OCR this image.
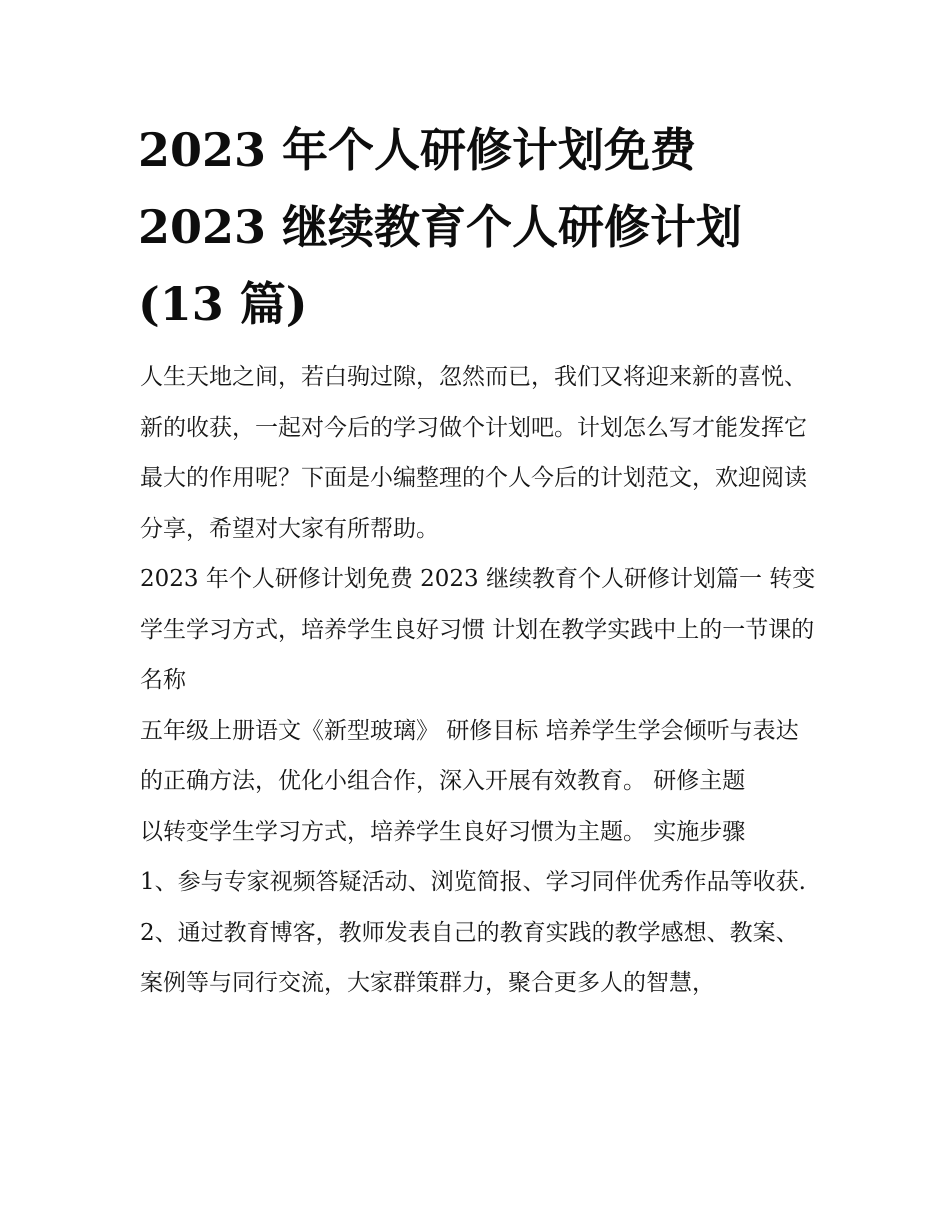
2023 年个人研修计划免费
2023 继续教育个人研修计划
(13 篇)

人生天地之间，若白驹过隙，忽然而已，我们又将迎来新的喜悦、新的收获，一起对今后的学习做个计划吧。计划怎么写才能发挥它最大的作用呢？下面是小编整理的个人今后的计划范文，欢迎阅读分享，希望对大家有所帮助。

2023 年个人研修计划免费 2023 继续教育个人研修计划篇一 转变学生学习方式，培养学生良好习惯 计划在教学实践中上的一节课的名称

五年级上册语文《新型玻璃》 研修目标 培养学生学会倾听与表达的正确方法，优化小组合作，深入开展有效教育。 研修主题

以转变学生学习方式，培养学生良好习惯为主题。 实施步骤

1、参与专家视频答疑活动、浏览简报、学习同伴优秀作品等收获.

2、通过教育博客，教师发表自己的教育实践的教学感想、教案、案例等与同行交流，大家群策群力，聚合更多人的智慧，
